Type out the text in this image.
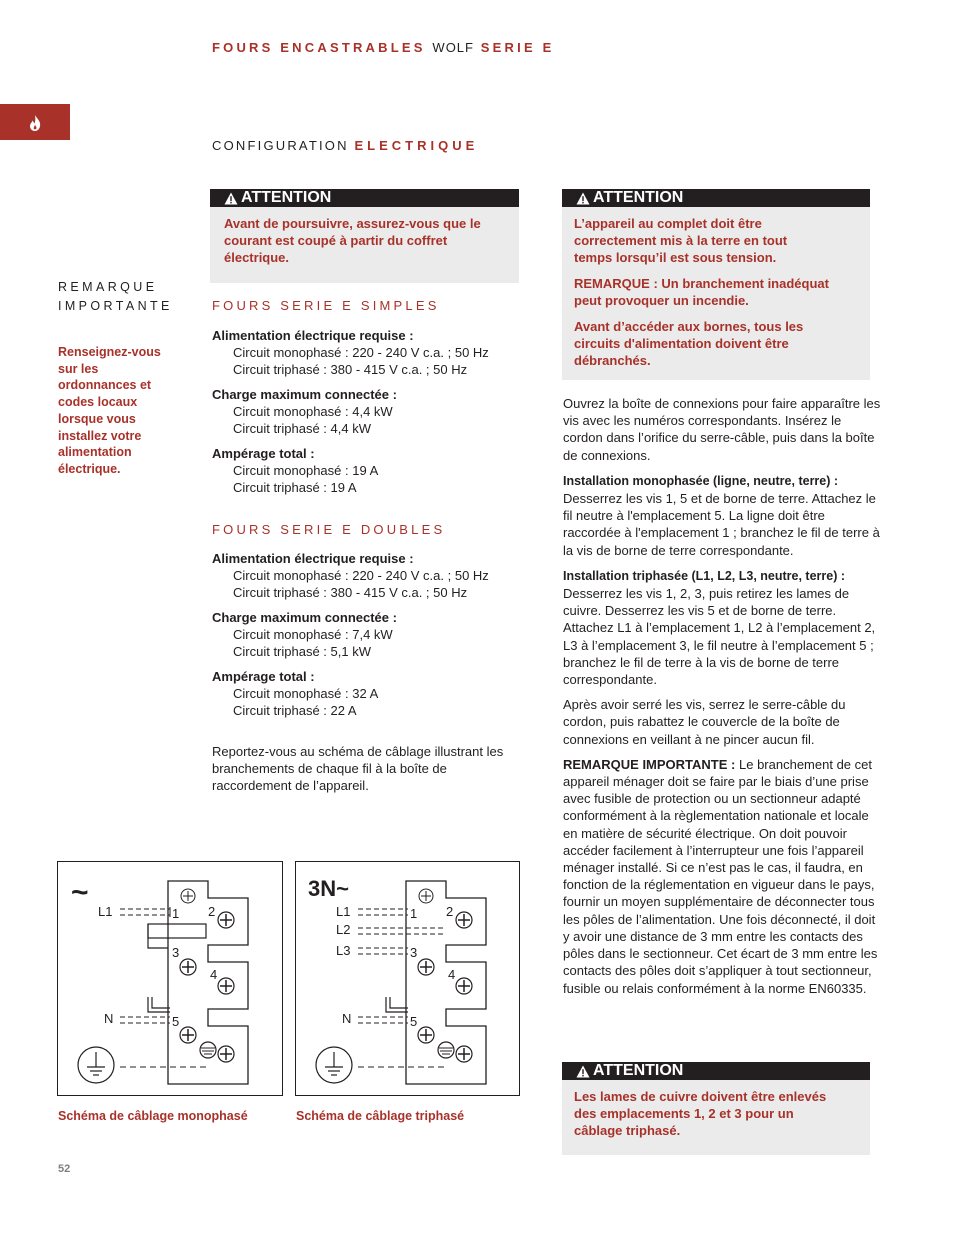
FOURS ENCASTRABLES WOLF SERIE E
CONFIGURATION ELECTRIQUE
ATTENTION

Avant de poursuivre, assurez-vous que le courant est coupé à partir du coffret électrique.

ATTENTION

L’appareil au complet doit être correctement mis à la terre en tout temps lorsqu’il est sous tension.

REMARQUE : Un branchement inadéquat peut provoquer un incendie.

Avant d’accéder aux bornes, tous les circuits d'alimentation doivent être débranchés.

REMARQUE
IMPORTANTE
Renseignez-vous sur les ordonnances et codes locaux lorsque vous installez votre alimentation électrique.
FOURS SERIE E SIMPLES
Alimentation électrique requise :
Circuit monophasé : 220 - 240 V c.a. ; 50 Hz
Circuit triphasé : 380 - 415 V c.a. ; 50 Hz
Charge maximum connectée :
Circuit monophasé : 4,4 kW
Circuit triphasé : 4,4 kW
Ampérage total :
Circuit monophasé : 19 A
Circuit triphasé : 19 A
FOURS SERIE E DOUBLES
Alimentation électrique requise :
Circuit monophasé : 220 - 240 V c.a. ; 50 Hz
Circuit triphasé : 380 - 415 V c.a. ; 50 Hz
Charge maximum connectée :
Circuit monophasé : 7,4 kW
Circuit triphasé : 5,1 kW
Ampérage total :
Circuit monophasé : 32 A
Circuit triphasé : 22 A
Reportez-vous au schéma de câblage illustrant les branchements de chaque fil à la boîte de raccordement de l’appareil.

Ouvrez la boîte de connexions pour faire apparaître les vis avec les numéros correspondants. Insérez le cordon dans l’orifice du serre-câble, puis dans la boîte de connexions.

Installation monophasée (ligne, neutre, terre) :
Desserrez les vis 1, 5 et de borne de terre. Attachez le fil neutre à l'emplacement 5. La ligne doit être raccordée à l'emplacement 1 ; branchez le fil de terre à la vis de borne de terre correspondante.

Installation triphasée (L1, L2, L3, neutre, terre) :
Desserrez les vis 1, 2, 3, puis retirez les lames de cuivre. Desserrez les vis 5 et de borne de terre. Attachez L1 à l’emplacement 1, L2 à l’emplacement 2, L3 à l’emplacement 3, le fil neutre à l’emplacement 5 ; branchez le fil de terre à la vis de borne de terre correspondante.

Après avoir serré les vis, serrez le serre-câble du cordon, puis rabattez le couvercle de la boîte de connexions en veillant à ne pincer aucun fil.

REMARQUE IMPORTANTE : Le branchement de cet appareil ménager doit se faire par le biais d’une prise avec fusible de protection ou un sectionneur adapté conformément à la règlementation nationale et locale en matière de sécurité électrique. On doit pouvoir accéder facilement à l’interrupteur une fois l’appareil ménager installé. Si ce n’est pas le cas, il faudra, en fonction de la réglementation en vigueur dans le pays, fournir un moyen supplémentaire de déconnecter tous les pôles de l’alimentation. Une fois déconnecté, il doit y avoir une distance de 3 mm entre les contacts des pôles dans le sectionneur. Cet écart de 3 mm entre les contacts des pôles doit s’appliquer à tout sectionneur, fusible ou relais conformément à la norme EN60335.

ATTENTION

Les lames de cuivre doivent être enlevés des emplacements 1, 2 et 3 pour un câblage triphasé.

~
1 2
3
4
5
L1
N
Schéma de câblage monophasé
3N~
1 2
3
4
5
L1
L2
L3
N
Schéma de câblage triphasé
52
